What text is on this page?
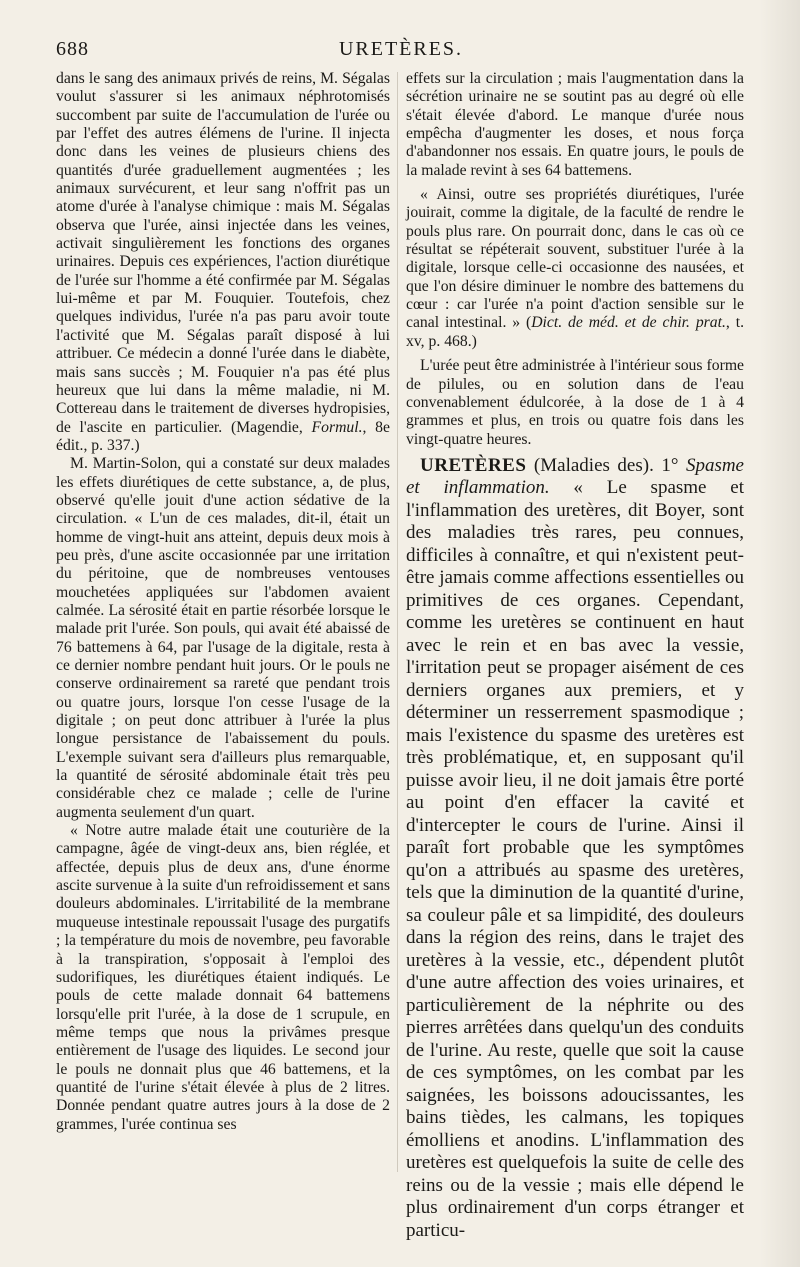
688	URETÈRES.

dans le sang des animaux privés de reins, M. Ségalas voulut s'assurer si les animaux néphrotomisés succombent par suite de l'accumulation de l'urée ou par l'effet des autres élémens de l'urine. Il injecta donc dans les veines de plusieurs chiens des quantités d'urée graduellement augmentées ; les animaux survécurent, et leur sang n'offrit pas un atome d'urée à l'analyse chimique : mais M. Ségalas observa que l'urée, ainsi injectée dans les veines, activait singulièrement les fonctions des organes urinaires. Depuis ces expériences, l'action diurétique de l'urée sur l'homme a été confirmée par M. Ségalas lui-même et par M. Fouquier. Toutefois, chez quelques individus, l'urée n'a pas paru avoir toute l'activité que M. Ségalas paraît disposé à lui attribuer. Ce médecin a donné l'urée dans le diabète, mais sans succès ; M. Fouquier n'a pas été plus heureux que lui dans la même maladie, ni M. Cottereau dans le traitement de diverses hydropisies, de l'ascite en particulier. (Magendie, Formul., 8e édit., p. 337.)

M. Martin-Solon, qui a constaté sur deux malades les effets diurétiques de cette substance, a, de plus, observé qu'elle jouit d'une action sédative de la circulation. « L'un de ces malades, dit-il, était un homme de vingt-huit ans atteint, depuis deux mois à peu près, d'une ascite occasionnée par une irritation du péritoine, que de nombreuses ventouses mouchetées appliquées sur l'abdomen avaient calmée. La sérosité était en partie résorbée lorsque le malade prit l'urée. Son pouls, qui avait été abaissé de 76 battemens à 64, par l'usage de la digitale, resta à ce dernier nombre pendant huit jours. Or le pouls ne conserve ordinairement sa rareté que pendant trois ou quatre jours, lorsque l'on cesse l'usage de la digitale ; on peut donc attribuer à l'urée la plus longue persistance de l'abaissement du pouls. L'exemple suivant sera d'ailleurs plus remarquable, la quantité de sérosité abdominale était très peu considérable chez ce malade ; celle de l'urine augmenta seulement d'un quart.

« Notre autre malade était une couturière de la campagne, âgée de vingt-deux ans, bien réglée, et affectée, depuis plus de deux ans, d'une énorme ascite survenue à la suite d'un refroidissement et sans douleurs abdominales. L'irritabilité de la membrane muqueuse intestinale repoussait l'usage des purgatifs ; la température du mois de novembre, peu favorable à la transpiration, s'opposait à l'emploi des sudorifiques, les diurétiques étaient indiqués. Le pouls de cette malade donnait 64 battemens lorsqu'elle prit l'urée, à la dose de 1 scrupule, en même temps que nous la privâmes presque entièrement de l'usage des liquides. Le second jour le pouls ne donnait plus que 46 battemens, et la quantité de l'urine s'était élevée à plus de 2 litres. Donnée pendant quatre autres jours à la dose de 2 grammes, l'urée continua ses

effets sur la circulation ; mais l'augmentation dans la sécrétion urinaire ne se soutint pas au degré où elle s'était élevée d'abord. Le manque d'urée nous empêcha d'augmenter les doses, et nous força d'abandonner nos essais. En quatre jours, le pouls de la malade revint à ses 64 battemens.

« Ainsi, outre ses propriétés diurétiques, l'urée jouirait, comme la digitale, de la faculté de rendre le pouls plus rare. On pourrait donc, dans le cas où ce résultat se répéterait souvent, substituer l'urée à la digitale, lorsque celle-ci occasionne des nausées, et que l'on désire diminuer le nombre des battemens du cœur : car l'urée n'a point d'action sensible sur le canal intestinal. » (Dict. de méd. et de chir. prat., t. xv, p. 468.)

L'urée peut être administrée à l'intérieur sous forme de pilules, ou en solution dans de l'eau convenablement édulcorée, à la dose de 1 à 4 grammes et plus, en trois ou quatre fois dans les vingt-quatre heures.

URETÈRES (Maladies des). 1° Spasme et inflammation. « Le spasme et l'inflammation des uretères, dit Boyer, sont des maladies très rares, peu connues, difficiles à connaître, et qui n'existent peut-être jamais comme affections essentielles ou primitives de ces organes. Cependant, comme les uretères se continuent en haut avec le rein et en bas avec la vessie, l'irritation peut se propager aisément de ces derniers organes aux premiers, et y déterminer un resserrement spasmodique ; mais l'existence du spasme des uretères est très problématique, et, en supposant qu'il puisse avoir lieu, il ne doit jamais être porté au point d'en effacer la cavité et d'intercepter le cours de l'urine. Ainsi il paraît fort probable que les symptômes qu'on a attribués au spasme des uretères, tels que la diminution de la quantité d'urine, sa couleur pâle et sa limpidité, des douleurs dans la région des reins, dans le trajet des uretères à la vessie, etc., dépendent plutôt d'une autre affection des voies urinaires, et particulièrement de la néphrite ou des pierres arrêtées dans quelqu'un des conduits de l'urine. Au reste, quelle que soit la cause de ces symptômes, on les combat par les saignées, les boissons adoucissantes, les bains tièdes, les calmans, les topiques émolliens et anodins. L'inflammation des uretères est quelquefois la suite de celle des reins ou de la vessie ; mais elle dépend le plus ordinairement d'un corps étranger et particu-
